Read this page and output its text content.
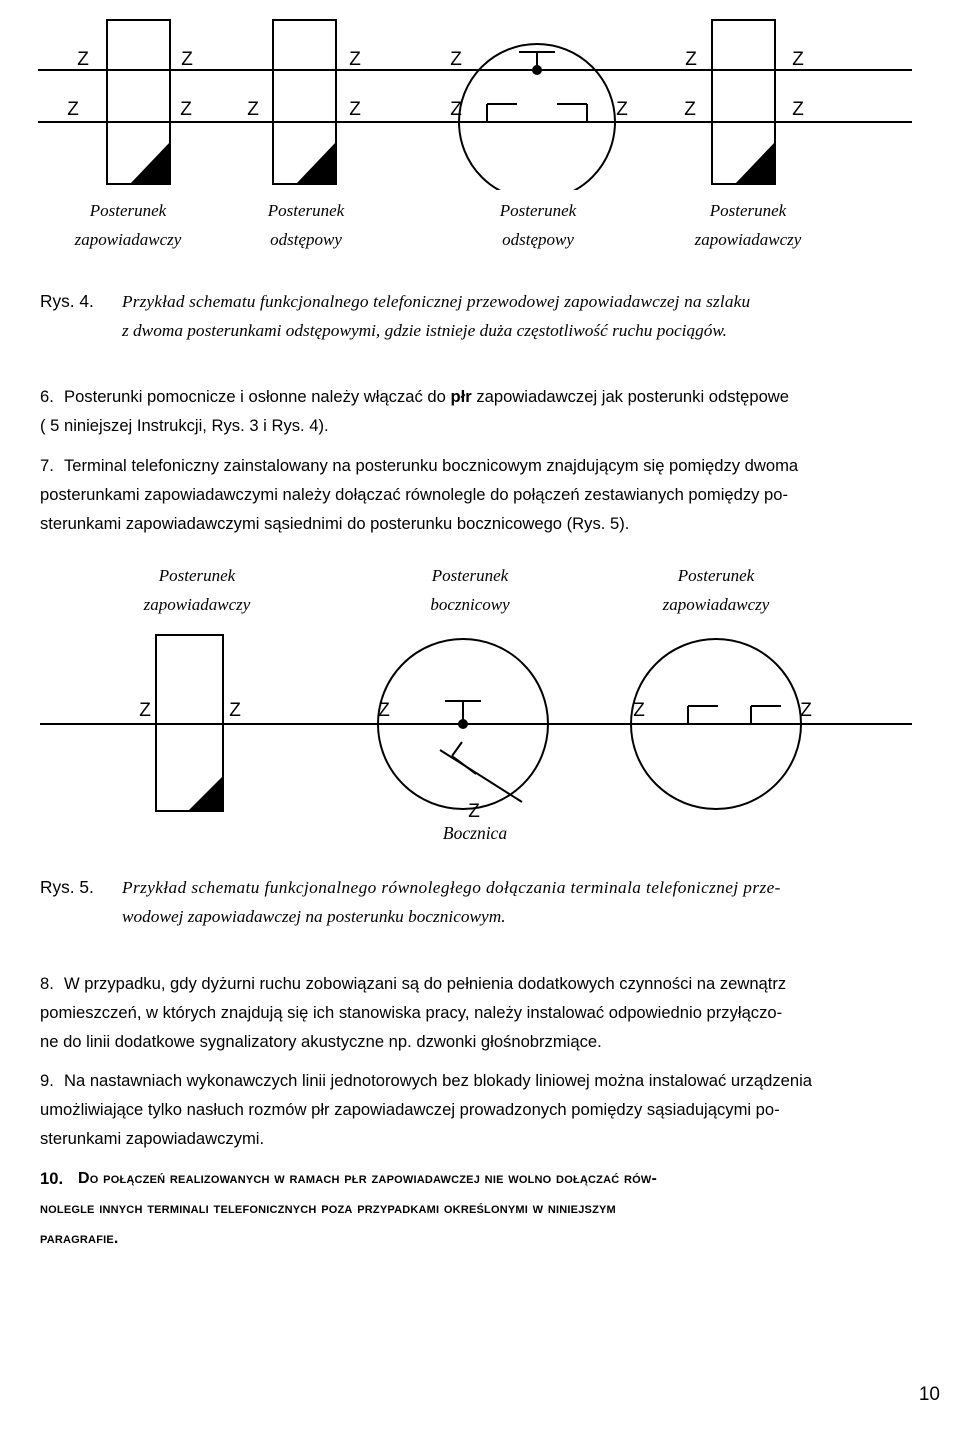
Z	Z	Z	Z	Z	Z
Z	Z	Z	Z	Z	Z	Z	Z
Posterunek
zapowiadawczy
Posterunek
odstępowy
Posterunek
odstępowy
Posterunek
zapowiadawczy
Rys. 4. Przykład schematu funkcjonalnego telefonicznej przewodowej zapowiadawczej na szlaku
z dwoma posterunkami odstępowymi, gdzie istnieje duża częstotliwość ruchu pociągów.
6. Posterunki pomocnicze i osłonne należy włączać do płr zapowiadawczej jak posterunki odstępowe
( 5 niniejszej Instrukcji, Rys. 3 i Rys. 4).
7. Terminal telefoniczny zainstalowany na posterunku bocznicowym znajdującym się pomiędzy dwoma
posterunkami zapowiadawczymi należy dołączać równolegle do połączeń zestawianych pomiędzy po-
sterunkami zapowiadawczymi sąsiednimi do posterunku bocznicowego (Rys. 5).
Posterunek
zapowiadawczy
Posterunek
bocznicowy
Posterunek
zapowiadawczy
Z	Z	Z	Z	Z
Z
Bocznica
Rys. 5. Przykład schematu funkcjonalnego równoległego dołączania terminala telefonicznej prze-
wodowej zapowiadawczej na posterunku bocznicowym.
8. W przypadku, gdy dyżurni ruchu zobowiązani są do pełnienia dodatkowych czynności na zewnątrz
pomieszczeń, w których znajdują się ich stanowiska pracy, należy instalować odpowiednio przyłączo-
ne do linii dodatkowe sygnalizatory akustyczne np. dzwonki głośnobrzmiące.
9. Na nastawniach wykonawczych linii jednotorowych bez blokady liniowej można instalować urządzenia
umożliwiające tylko nasłuch rozmów płr zapowiadawczej prowadzonych pomiędzy sąsiadującymi po-
sterunkami zapowiadawczymi.
10. Do połączeń realizowanych w ramach płr zapowiadawczej nie wolno dołączać rów-
nolegle innych terminali telefonicznych poza przypadkami określonymi w niniejszym
paragrafie.
10
